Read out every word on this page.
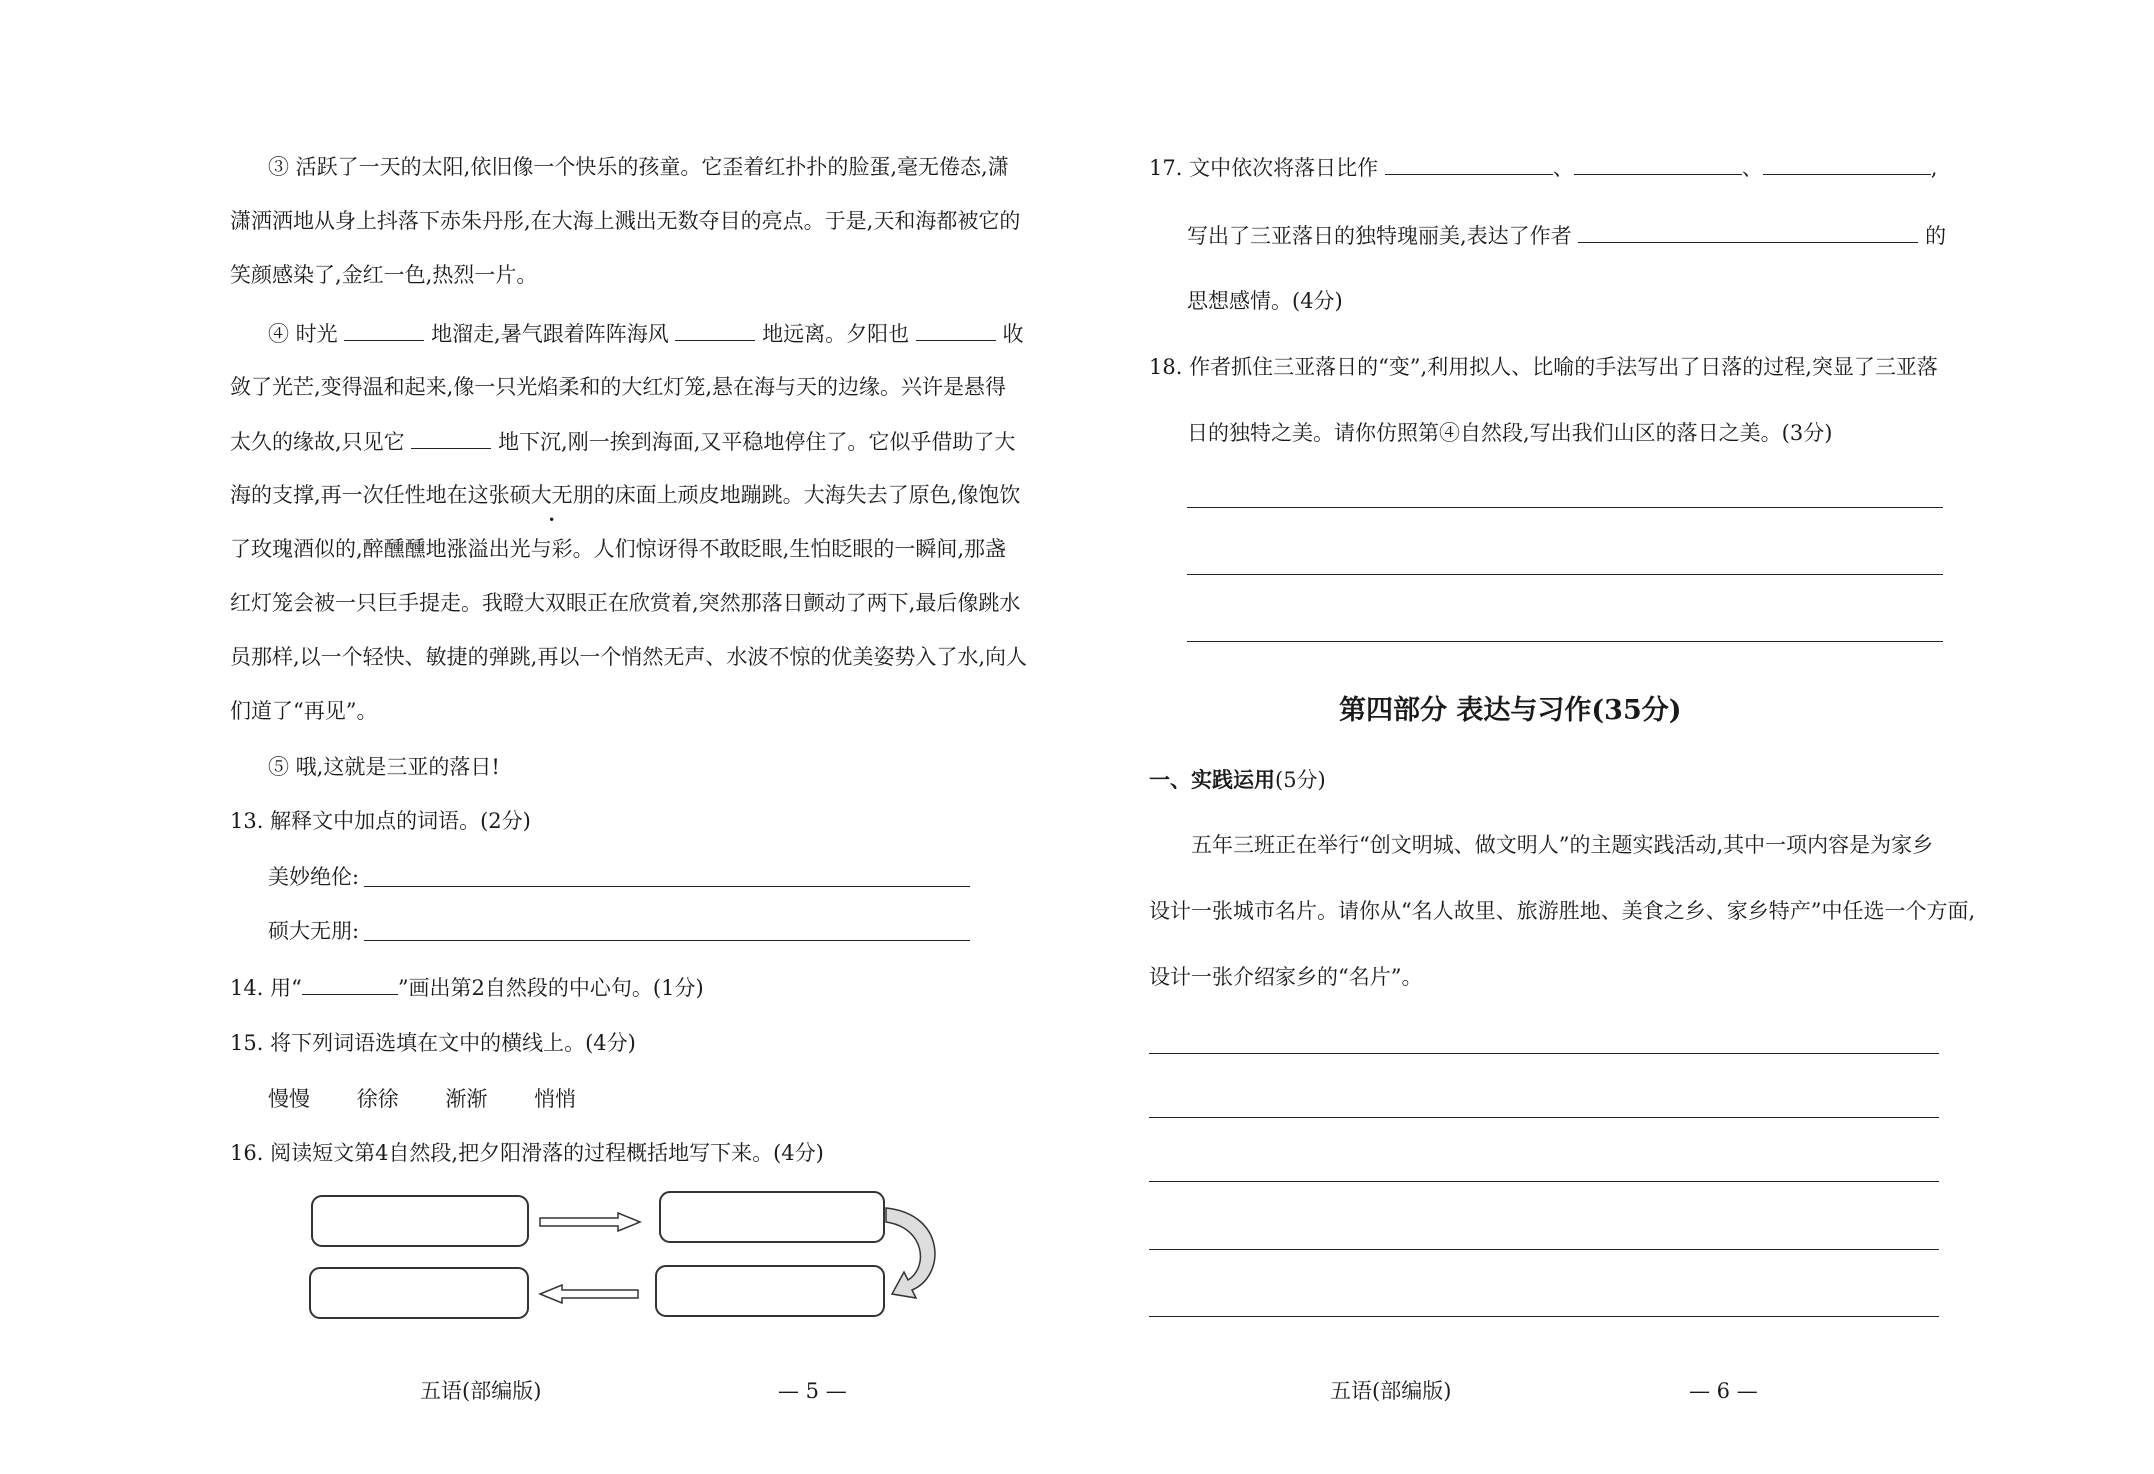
③ 活跃了一天的太阳,依旧像一个快乐的孩童。它歪着红扑扑的脸蛋,毫无倦态,潇
潇洒洒地从身上抖落下赤朱丹彤,在大海上溅出无数夺目的亮点。于是,天和海都被它的
笑颜感染了,金红一色,热烈一片。
④ 时光	地溜走,暑气跟着阵阵海风	地远离。夕阳也	收
敛了光芒,变得温和起来,像一只光焰柔和的大红灯笼,悬在海与天的边缘。兴许是悬得
太久的缘故,只见它	地下沉,刚一挨到海面,又平稳地停住了。它似乎借助了大
海的支撑,再一次任性地在这张硕大无朋的床面上顽皮地蹦跳。大海失去了原色,像饱饮
了玫瑰酒似的,醉醺醺地涨溢出光与彩。人们惊讶得不敢眨眼,生怕眨眼的一瞬间,那盏
红灯笼会被一只巨手提走。我瞪大双眼正在欣赏着,突然那落日颤动了两下,最后像跳水
员那样,以一个轻快、敏捷的弹跳,再以一个悄然无声、水波不惊的优美姿势入了水,向人
们道了“再见”。
⑤ 哦,这就是三亚的落日!
13. 解释文中加点的词语。(2分)
美妙绝伦:
硕大无朋:
14. 用“	”画出第2自然段的中心句。(1分)
15. 将下列词语选填在文中的横线上。(4分)
慢慢 徐徐 渐渐 悄悄
16. 阅读短文第4自然段,把夕阳滑落的过程概括地写下来。(4分)
五语(部编版)	— 5 —
17. 文中依次将落日比作	、	、	,
写出了三亚落日的独特瑰丽美,表达了作者	的
思想感情。(4分)
18. 作者抓住三亚落日的“变”,利用拟人、比喻的手法写出了日落的过程,突显了三亚落
日的独特之美。请你仿照第④自然段,写出我们山区的落日之美。(3分)
第四部分 表达与习作(35分)
一、实践运用(5分)
五年三班正在举行“创文明城、做文明人”的主题实践活动,其中一项内容是为家乡
设计一张城市名片。请你从“名人故里、旅游胜地、美食之乡、家乡特产”中任选一个方面,
设计一张介绍家乡的“名片”。
五语(部编版)	— 6 —
